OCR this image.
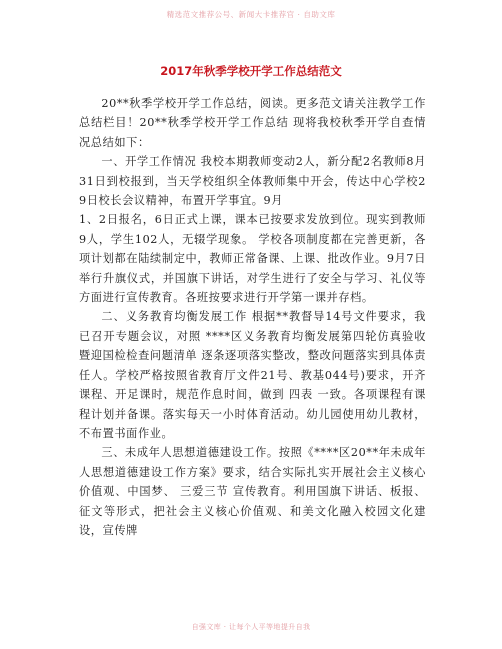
精选范文推荐公号、新闻大卡推荐官 · 自助文库
2017年秋季学校开学工作总结范文

20**秋季学校开学工作总结，阅读。更多范文请关注教学工作总结栏目！20**秋季学校开学工作总结 现将我校秋季开学自查情况总结如下：

一、开学工作情况 我校本期教师变动2人，新分配2名教师8月31日到校报到，当天学校组织全体教师集中开会，传达中心学校29日校长会议精神，布置开学事宜。9月

1、2日报名，6日正式上课，课本已按要求发放到位。现实到教师9人，学生102人，无辍学现象。 学校各项制度都在完善更新，各项计划都在陆续制定中，教师正常备课、上课、批改作业。9月7日举行升旗仪式，并国旗下讲话，对学生进行了安全与学习、礼仪等方面进行宣传教育。各班按要求进行开学第一课并存档。

二、义务教育均衡发展工作 根据**教督导14号文件要求，我已召开专题会议，对照 ****区义务教育均衡发展第四轮仿真验收暨迎国检检查问题清单 逐条逐项落实整改，整改问题落实到具体责任人。学校严格按照省教育厅文件21号、教基044号)要求，开齐课程、开足课时，规范作息时间，做到 四表 一致。各项课程有课程计划并备课。落实每天一小时体育活动。幼儿园使用幼儿教材，不布置书面作业。

三、未成年人思想道德建设工作。按照《****区20**年未成年人思想道德建设工作方案》要求，结合实际扎实开展社会主义核心价值观、中国梦、 三爱三节 宣传教育。利用国旗下讲话、板报、征文等形式，把社会主义核心价值观、和美文化融入校园文化建设，宣传牌

自强文库 · 让每个人平等地提升自我
